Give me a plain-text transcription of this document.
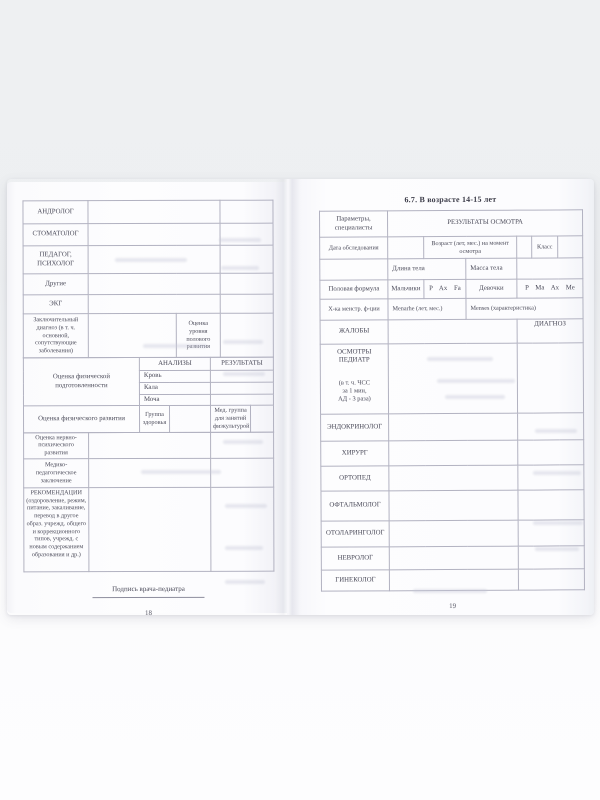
АНДРОЛОГ			
СТОМАТОЛОГ			
ПЕДАГОГ, ПСИХОЛОГ			
Другие			
ЭКГ			
Заключительный диагноз (в т. ч. основной, сопутствующие заболевания)		Оценка уровня полового развития	
Оценка физической подготовленности	АНАЛИЗЫ		РЕЗУЛЬТАТЫ	
	Кровь			
	Кала			
	Моча			
Оценка физического развития	Группа здоровья		Мед. группа для занятий физкультурой	
Оценка нервно-психического развития		
Медико-педагогическое заключение		
РЕКОМЕНДАЦИИ (оздоровление, режим, питание, закаливание, перевод в другое образ. учрежд. общего и коррекционного типов, учрежд. с новым содержанием образования и др.)		
Подпись врача-педиатра
18
6.7. В возрасте 14-15 лет
Параметры, специалисты	РЕЗУЛЬТАТЫ ОСМОТРА					
Дата обследования		Возраст (лет, мес.) на момент осмотра			Класс	
	Длина тела		Масса тела			
Половая формула	Мальчики	P Ax Fa	Девочки	P Ma Ax Me		
Х-ка менстр. ф-ции	Menarhe (лет, мес.)		Menses (характеристика)			
ЖАЛОБЫ				ДИАГНОЗ		

ОСМОТРЫ
ПЕДИАТР
(в т. ч. ЧСС
за 1 мин,
АД - 3 раза)						

ЭНДОКРИНОЛОГ						
ХИРУРГ						
ОРТОПЕД						
ОФТАЛЬМОЛОГ						
ОТОЛАРИНГОЛОГ						
НЕВРОЛОГ						
ГИНЕКОЛОГ						
19
